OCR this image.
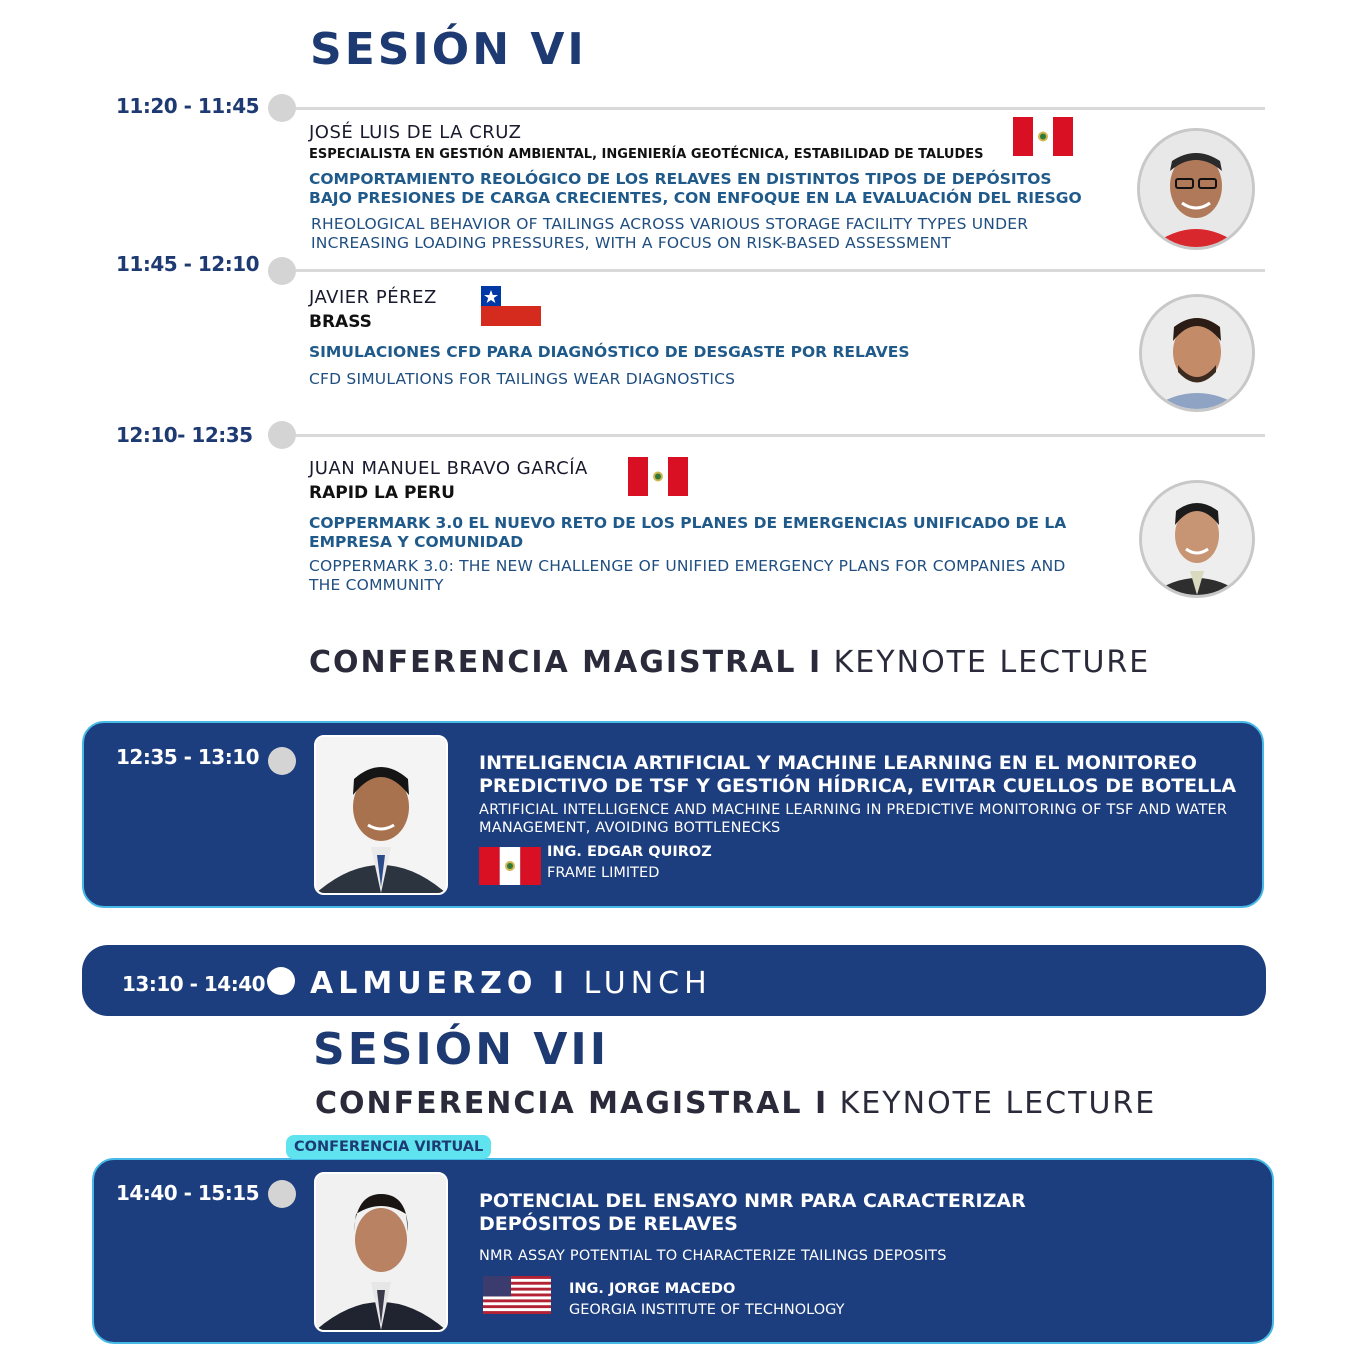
SESIÓN VI
11:20 - 11:45
JOSÉ LUIS DE LA CRUZ
ESPECIALISTA EN GESTIÓN AMBIENTAL, INGENIERÍA GEOTÉCNICA, ESTABILIDAD DE TALUDES
COMPORTAMIENTO REOLÓGICO DE LOS RELAVES EN DISTINTOS TIPOS DE DEPÓSITOS BAJO PRESIONES DE CARGA CRECIENTES, CON ENFOQUE EN LA EVALUACIÓN DEL RIESGO
RHEOLOGICAL BEHAVIOR OF TAILINGS ACROSS VARIOUS STORAGE FACILITY TYPES UNDER INCREASING LOADING PRESSURES, WITH A FOCUS ON RISK-BASED ASSESSMENT
11:45 - 12:10
JAVIER PÉREZ
BRASS
SIMULACIONES CFD PARA DIAGNÓSTICO DE DESGASTE POR RELAVES
CFD SIMULATIONS FOR TAILINGS WEAR DIAGNOSTICS
12:10- 12:35
JUAN MANUEL BRAVO GARCÍA
RAPID LA PERU
COPPERMARK 3.0 EL NUEVO RETO DE LOS PLANES DE EMERGENCIAS UNIFICADO DE LA EMPRESA Y COMUNIDAD
COPPERMARK 3.0: THE NEW CHALLENGE OF UNIFIED EMERGENCY PLANS FOR COMPANIES AND THE COMMUNITY
CONFERENCIA MAGISTRAL I KEYNOTE LECTURE
12:35 - 13:10	INTELIGENCIA ARTIFICIAL Y MACHINE LEARNING EN EL MONITOREO PREDICTIVO DE TSF Y GESTIÓN HÍDRICA, EVITAR CUELLOS DE BOTELLA
ARTIFICIAL INTELLIGENCE AND MACHINE LEARNING IN PREDICTIVE MONITORING OF TSF AND WATER MANAGEMENT, AVOIDING BOTTLENECKS
ING. EDGAR QUIROZ
FRAME LIMITED
13:10 - 14:40 ALMUERZO I LUNCH
SESIÓN VII
CONFERENCIA MAGISTRAL I KEYNOTE LECTURE
14:40 - 15:15	POTENCIAL DEL ENSAYO NMR PARA CARACTERIZAR DEPÓSITOS DE RELAVES
NMR ASSAY POTENTIAL TO CHARACTERIZE TAILINGS DEPOSITS
ING. JORGE MACEDO
GEORGIA INSTITUTE OF TECHNOLOGY
CONFERENCIA VIRTUAL
